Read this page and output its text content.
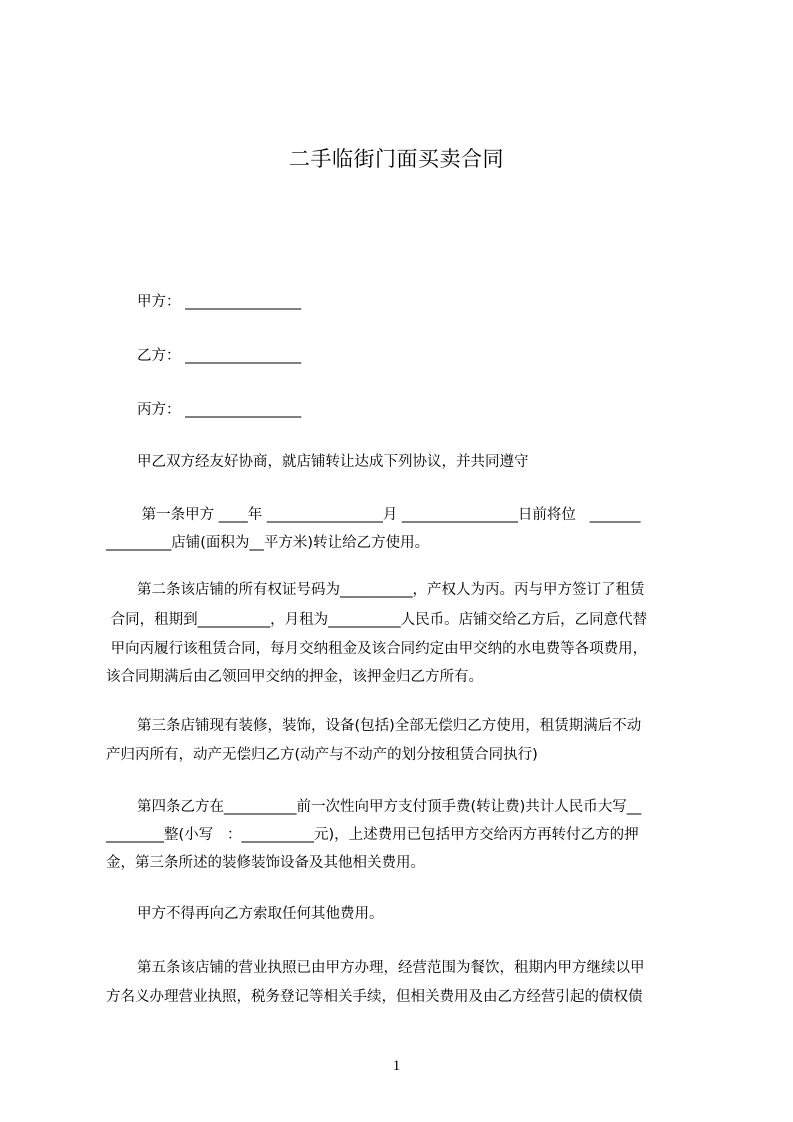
二手临街门面买卖合同
甲方： ________________
乙方： ________________
丙方： ________________
甲乙双方经友好协商，就店铺转让达成下列协议，并共同遵守
第一条甲方 ____年 ________________月 ________________日前将位   _______
_________店铺(面积为__平方米)转让给乙方使用。
第二条该店铺的所有权证号码为__________，产权人为丙。丙与甲方签订了租赁
合同，租期到__________，月租为__________人民币。店铺交给乙方后，乙同意代替
甲向丙履行该租赁合同，每月交纳租金及该合同约定由甲交纳的水电费等各项费用，
该合同期满后由乙领回甲交纳的押金，该押金归乙方所有。
第三条店铺现有装修，装饰，设备(包括)全部无偿归乙方使用，租赁期满后不动
产归丙所有，动产无偿归乙方(动产与不动产的划分按租赁合同执行)
第四条乙方在__________前一次性向甲方支付顶手费(转让费)共计人民币大写__
________整(小写   ：__________元)，上述费用已包括甲方交给丙方再转付乙方的押
金，第三条所述的装修装饰设备及其他相关费用。
甲方不得再向乙方索取任何其他费用。
第五条该店铺的营业执照已由甲方办理，经营范围为餐饮，租期内甲方继续以甲
方名义办理营业执照，税务登记等相关手续，但相关费用及由乙方经营引起的债权债
1
